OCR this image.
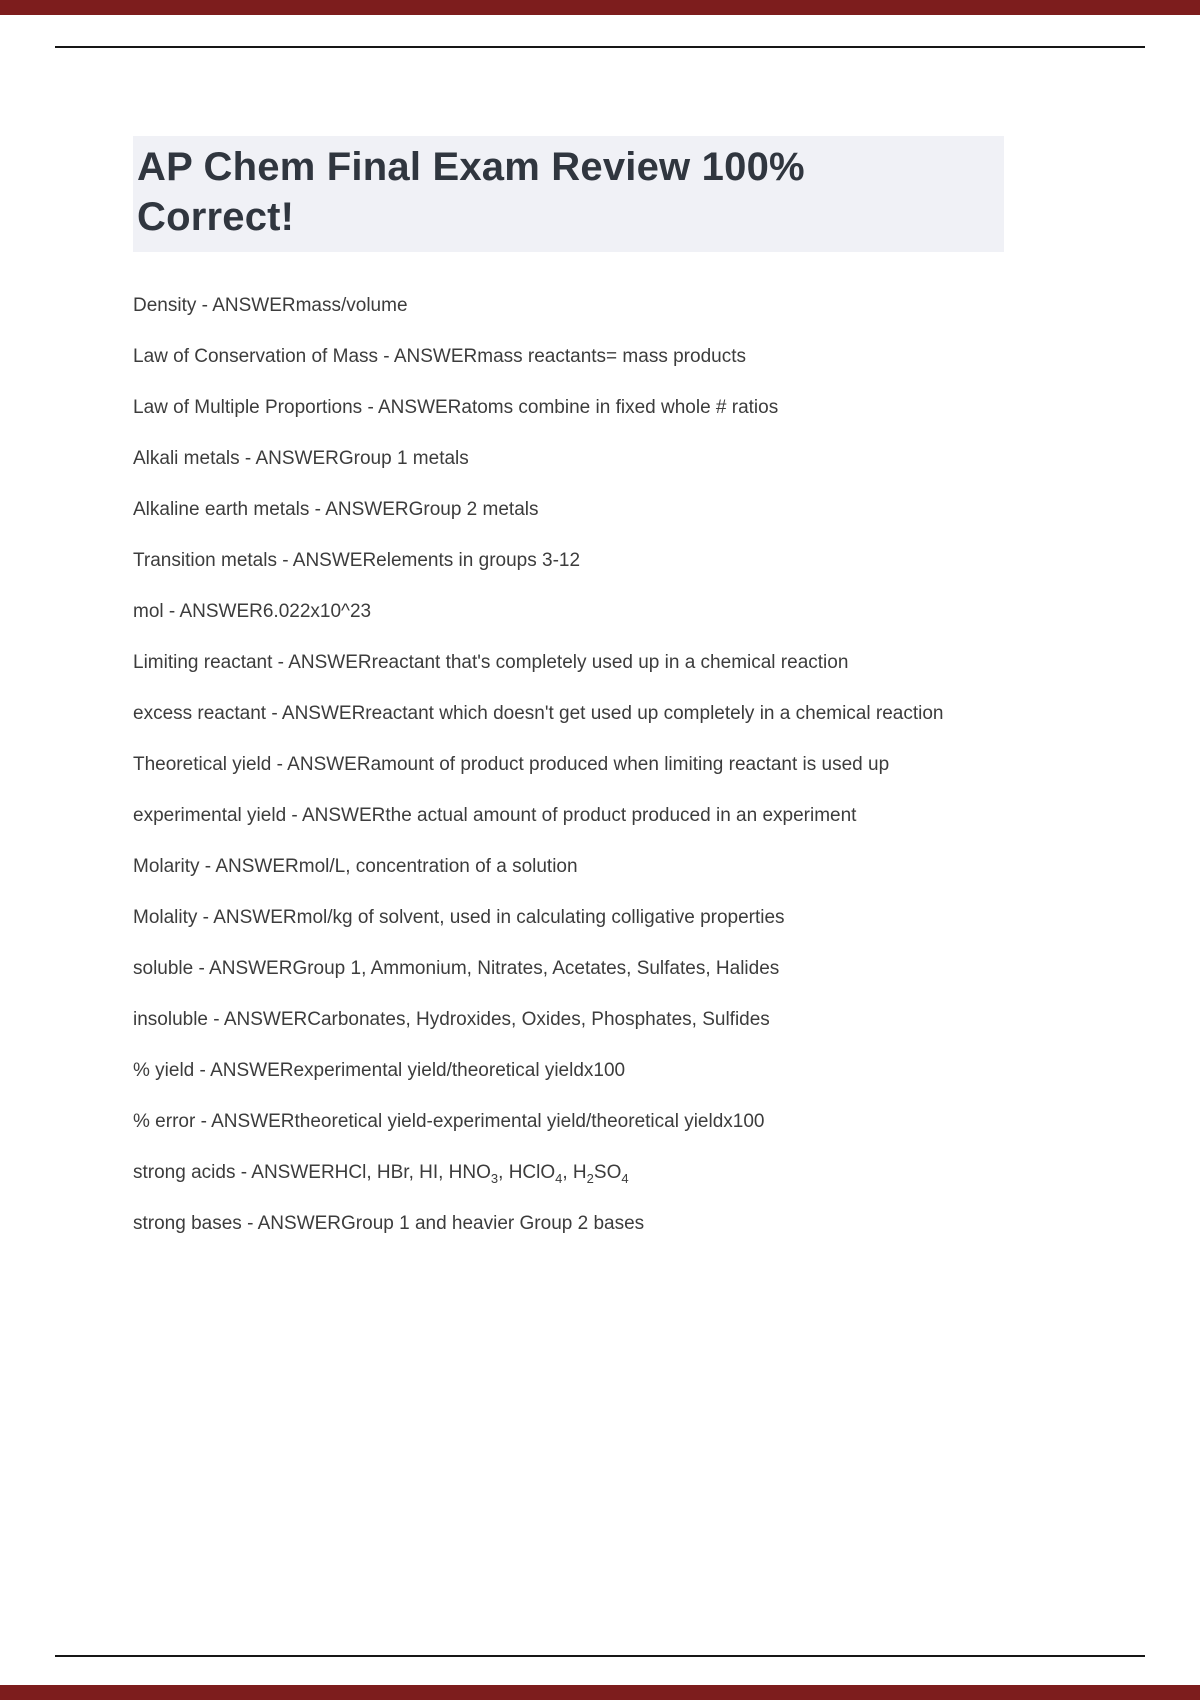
AP Chem Final Exam Review 100%
Correct!

Density - ANSWERmass/volume

Law of Conservation of Mass - ANSWERmass reactants= mass products

Law of Multiple Proportions - ANSWERatoms combine in fixed whole # ratios

Alkali metals - ANSWERGroup 1 metals

Alkaline earth metals - ANSWERGroup 2 metals

Transition metals - ANSWERelements in groups 3-12

mol - ANSWER6.022x10^23

Limiting reactant - ANSWERreactant that's completely used up in a chemical reaction

excess reactant - ANSWERreactant which doesn't get used up completely in a chemical reaction

Theoretical yield - ANSWERamount of product produced when limiting reactant is used up

experimental yield - ANSWERthe actual amount of product produced in an experiment

Molarity - ANSWERmol/L, concentration of a solution

Molality - ANSWERmol/kg of solvent, used in calculating colligative properties

soluble - ANSWERGroup 1, Ammonium, Nitrates, Acetates, Sulfates, Halides

insoluble - ANSWERCarbonates, Hydroxides, Oxides, Phosphates, Sulfides

% yield - ANSWERexperimental yield/theoretical yieldx100

% error - ANSWERtheoretical yield-experimental yield/theoretical yieldx100

strong acids - ANSWERHCl, HBr, HI, $HNO_3$, HClO$_4$, $H_2SO_4$

strong bases - ANSWERGroup 1 and heavier Group 2 bases
